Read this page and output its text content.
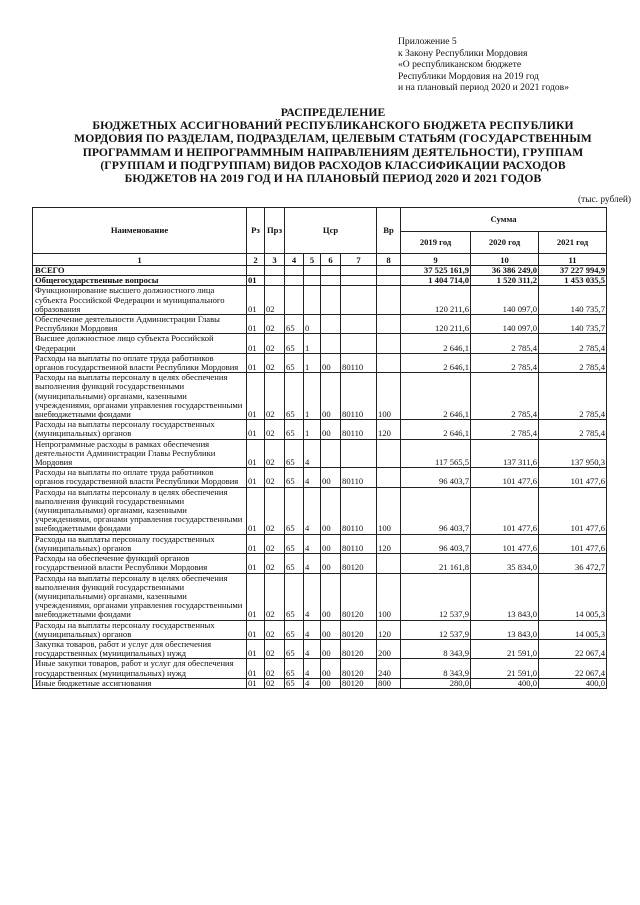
Приложение 5
к Закону Республики Мордовия
«О республиканском бюджете
Республики Мордовия на 2019 год
и на плановый период 2020 и 2021 годов»
РАСПРЕДЕЛЕНИЕ
БЮДЖЕТНЫХ АССИГНОВАНИЙ РЕСПУБЛИКАНСКОГО БЮДЖЕТА РЕСПУБЛИКИ
МОРДОВИЯ ПО РАЗДЕЛАМ, ПОДРАЗДЕЛАМ, ЦЕЛЕВЫМ СТАТЬЯМ (ГОСУДАРСТВЕННЫМ
ПРОГРАММАМ И НЕПРОГРАММНЫМ НАПРАВЛЕНИЯМ ДЕЯТЕЛЬНОСТИ), ГРУППАМ
(ГРУППАМ И ПОДГРУППАМ) ВИДОВ РАСХОДОВ КЛАССИФИКАЦИИ РАСХОДОВ
БЮДЖЕТОВ НА 2019 ГОД И НА ПЛАНОВЫЙ ПЕРИОД 2020 И 2021 ГОДОВ
(тыс. рублей)
Наименование	Рз	Прз	Цср				Вр	Сумма		
								2019 год	2020 год	2021 год
1	2	3	4	5	6	7	8	9	10	11
ВСЕГО								37 525 161,9	36 386 249,0	37 227 994,9
Общегосударственные вопросы	01							1 404 714,0	1 520 311,2	1 453 035,5
Функционирование высшего должностного лица субъекта Российской Федерации и муниципального образования	01	02						120 211,6	140 097,0	140 735,7
Обеспечение деятельности Администрации Главы Республики Мордовия	01	02	65	0				120 211,6	140 097,0	140 735,7
Высшее должностное лицо субъекта Российской Федерации	01	02	65	1				2 646,1	2 785,4	2 785,4
Расходы на выплаты по оплате труда работников органов государственной власти Республики Мордовия	01	02	65	1	00	80110		2 646,1	2 785,4	2 785,4
Расходы на выплаты персоналу в целях обеспечения выполнения функций государственными (муниципальными) органами, казенными учреждениями, органами управления государственными внебюджетными фондами	01	02	65	1	00	80110	100	2 646,1	2 785,4	2 785,4
Расходы на выплаты персоналу государственных (муниципальных) органов	01	02	65	1	00	80110	120	2 646,1	2 785,4	2 785,4
Непрограммные расходы в рамках обеспечения деятельности Администрации Главы Республики Мордовия	01	02	65	4				117 565,5	137 311,6	137 950,3
Расходы на выплаты по оплате труда работников органов государственной власти Республики Мордовия	01	02	65	4	00	80110		96 403,7	101 477,6	101 477,6
Расходы на выплаты персоналу в целях обеспечения выполнения функций государственными (муниципальными) органами, казенными учреждениями, органами управления государственными внебюджетными фондами	01	02	65	4	00	80110	100	96 403,7	101 477,6	101 477,6
Расходы на выплаты персоналу государственных (муниципальных) органов	01	02	65	4	00	80110	120	96 403,7	101 477,6	101 477,6
Расходы на обеспечение функций органов государственной власти Республики Мордовия	01	02	65	4	00	80120		21 161,8	35 834,0	36 472,7
Расходы на выплаты персоналу в целях обеспечения выполнения функций государственными (муниципальными) органами, казенными учреждениями, органами управления государственными внебюджетными фондами	01	02	65	4	00	80120	100	12 537,9	13 843,0	14 005,3
Расходы на выплаты персоналу государственных (муниципальных) органов	01	02	65	4	00	80120	120	12 537,9	13 843,0	14 005,3
Закупка товаров, работ и услуг для обеспечения государственных (муниципальных) нужд	01	02	65	4	00	80120	200	8 343,9	21 591,0	22 067,4
Иные закупки товаров, работ и услуг для обеспечения государственных (муниципальных) нужд	01	02	65	4	00	80120	240	8 343,9	21 591,0	22 067,4
Иные бюджетные ассигнования	01	02	65	4	00	80120	800	280,0	400,0	400,0
